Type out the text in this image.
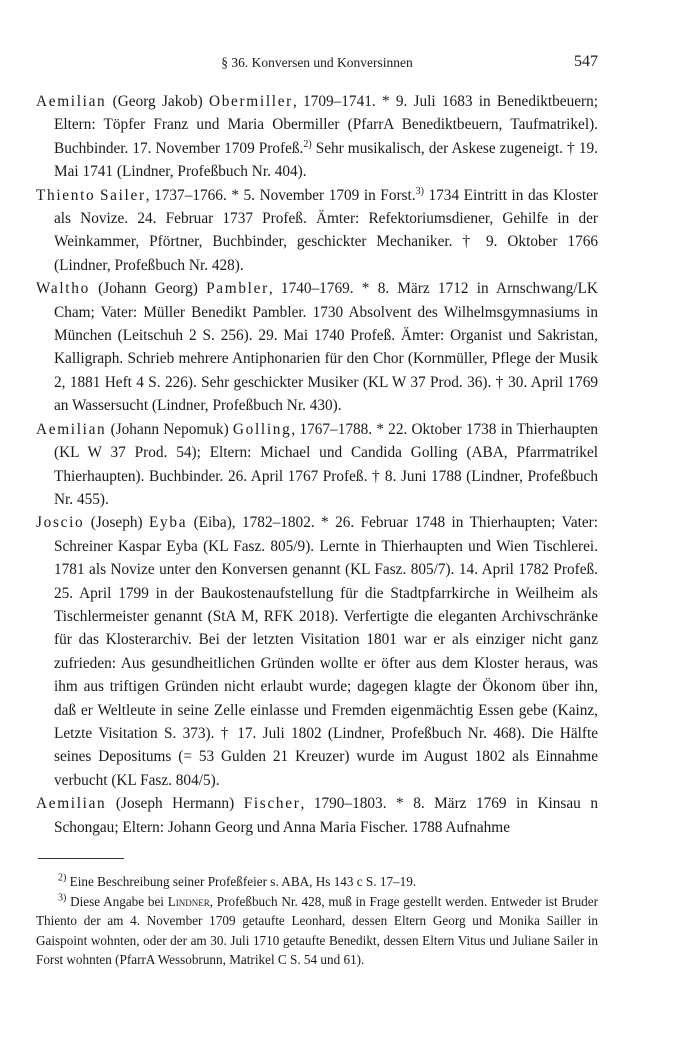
§ 36. Konversen und Konversinnen	547

Aemilian (Georg Jakob) Obermiller, 1709–1741. * 9. Juli 1683 in Benediktbeuern; Eltern: Töpfer Franz und Maria Obermiller (PfarrA Benediktbeuern, Taufmatrikel). Buchbinder. 17. November 1709 Profeß.$^{2)}$ Sehr musikalisch, der Askese zugeneigt. † 19. Mai 1741 (Lindner, Profeßbuch Nr. 404).

Thiento Sailer, 1737–1766. * 5. November 1709 in Forst.$^{3)}$ 1734 Eintritt in das Kloster als Novize. 24. Februar 1737 Profeß. Ämter: Refektoriumsdiener, Gehilfe in der Weinkammer, Pförtner, Buchbinder, geschickter Mechaniker. † 9. Oktober 1766 (Lindner, Profeßbuch Nr. 428).

Waltho (Johann Georg) Pambler, 1740–1769. * 8. März 1712 in Arnschwang/LK Cham; Vater: Müller Benedikt Pambler. 1730 Absolvent des Wilhelmsgymnasiums in München (Leitschuh 2 S. 256). 29. Mai 1740 Profeß. Ämter: Organist und Sakristan, Kalligraph. Schrieb mehrere Antiphonarien für den Chor (Kornmüller, Pflege der Musik 2, 1881 Heft 4 S. 226). Sehr geschickter Musiker (KL W 37 Prod. 36). † 30. April 1769 an Wassersucht (Lindner, Profeßbuch Nr. 430).

Aemilian (Johann Nepomuk) Golling, 1767–1788. * 22. Oktober 1738 in Thierhaupten (KL W 37 Prod. 54); Eltern: Michael und Candida Golling (ABA, Pfarrmatrikel Thierhaupten). Buchbinder. 26. April 1767 Profeß. † 8. Juni 1788 (Lindner, Profeßbuch Nr. 455).

Joscio (Joseph) Eyba (Eiba), 1782–1802. * 26. Februar 1748 in Thierhaupten; Vater: Schreiner Kaspar Eyba (KL Fasz. 805/9). Lernte in Thierhaupten und Wien Tischlerei. 1781 als Novize unter den Konversen genannt (KL Fasz. 805/7). 14. April 1782 Profeß. 25. April 1799 in der Baukostenaufstellung für die Stadtpfarrkirche in Weilheim als Tischlermeister genannt (StA M, RFK 2018). Verfertigte die eleganten Archivschränke für das Klosterarchiv. Bei der letzten Visitation 1801 war er als einziger nicht ganz zufrieden: Aus gesundheitlichen Gründen wollte er öfter aus dem Kloster heraus, was ihm aus triftigen Gründen nicht erlaubt wurde; dagegen klagte der Ökonom über ihn, daß er Weltleute in seine Zelle einlasse und Fremden eigenmächtig Essen gebe (Kainz, Letzte Visitation S. 373). † 17. Juli 1802 (Lindner, Profeßbuch Nr. 468). Die Hälfte seines Depositums (= 53 Gulden 21 Kreuzer) wurde im August 1802 als Einnahme verbucht (KL Fasz. 804/5).

Aemilian (Joseph Hermann) Fischer, 1790–1803. * 8. März 1769 in Kinsau n Schongau; Eltern: Johann Georg und Anna Maria Fischer. 1788 Aufnahme

$^{2)}$ Eine Beschreibung seiner Profeßfeier s. ABA, Hs 143 c S. 17–19.

$^{3)}$ Diese Angabe bei Lindner, Profeßbuch Nr. 428, muß in Frage gestellt werden. Entweder ist Bruder Thiento der am 4. November 1709 getaufte Leonhard, dessen Eltern Georg und Monika Sailler in Gaispoint wohnten, oder der am 30. Juli 1710 getaufte Benedikt, dessen Eltern Vitus und Juliane Sailer in Forst wohnten (PfarrA Wessobrunn, Matrikel C S. 54 und 61).
